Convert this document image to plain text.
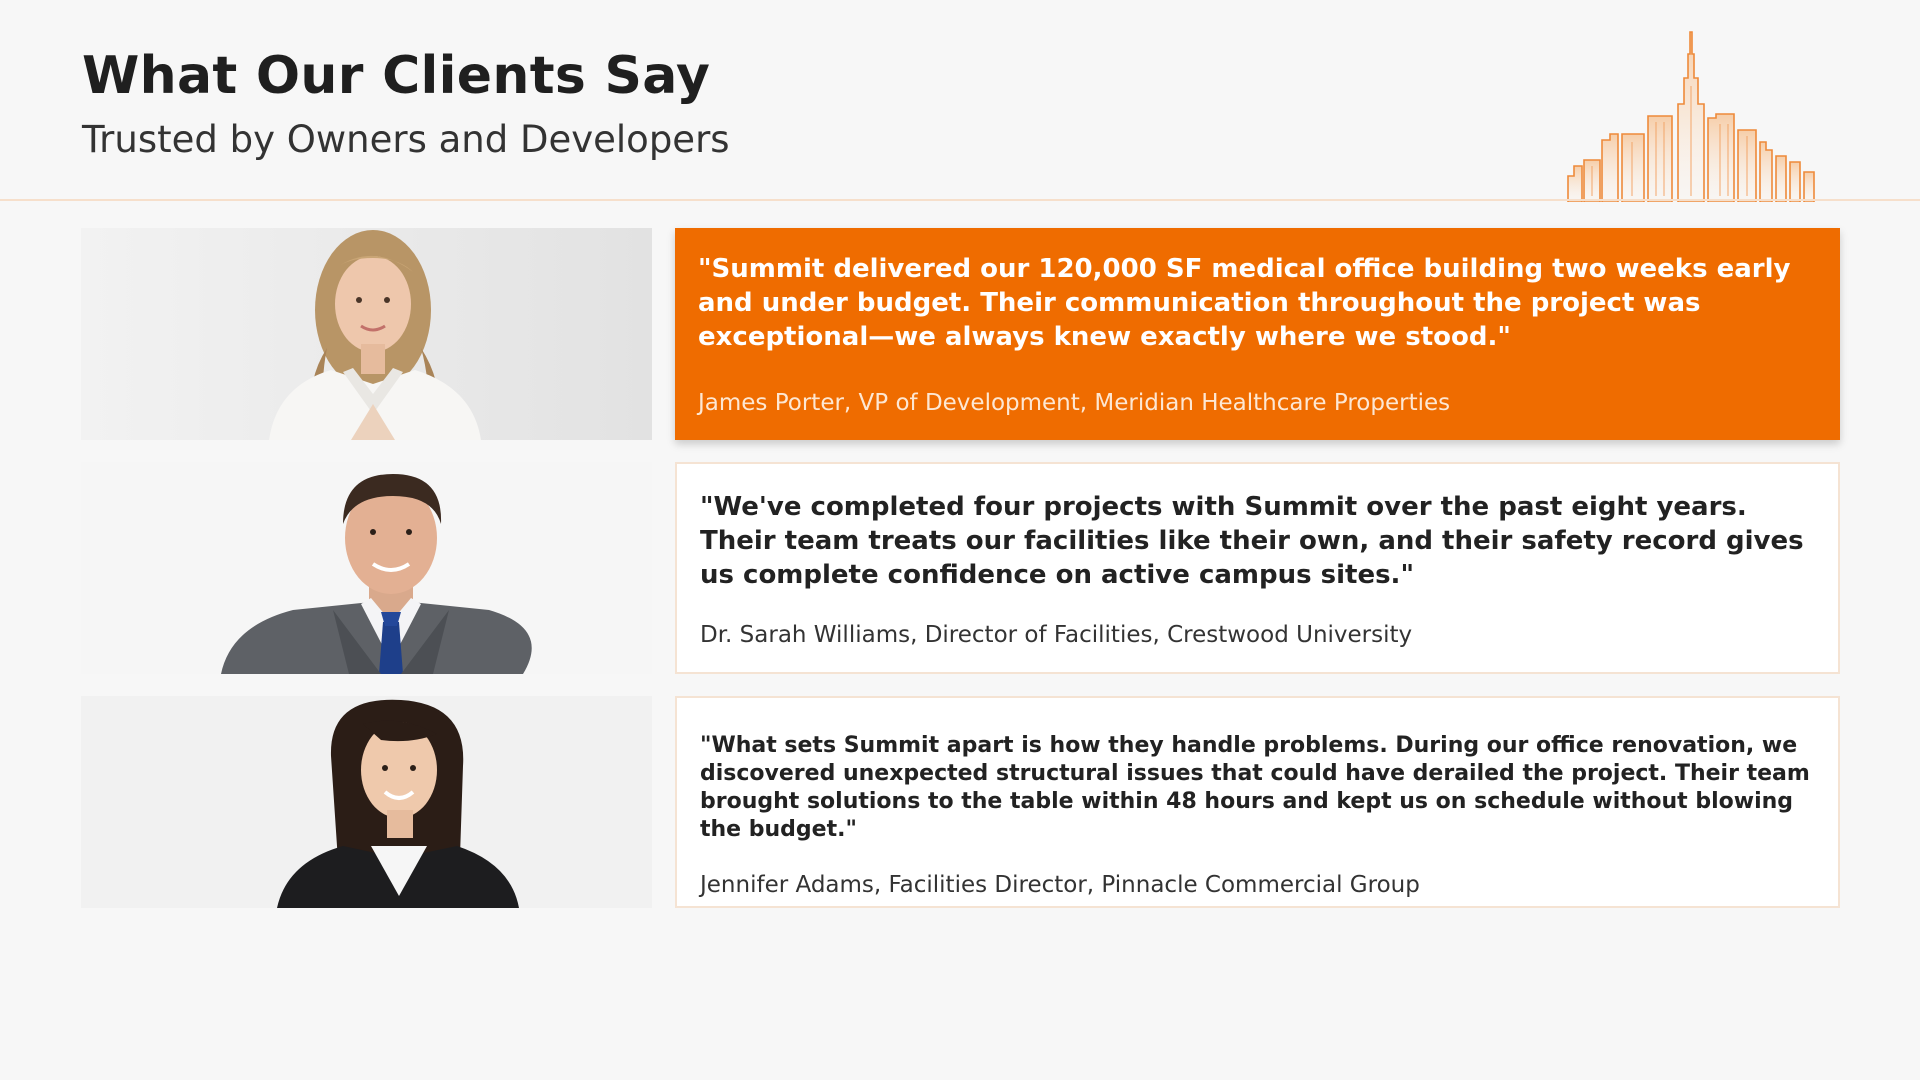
What Our Clients Say
Trusted by Owners and Developers

"Summit delivered our 120,000 SF medical office building two weeks early and under budget. Their communication throughout the project was exceptional—we always knew exactly where we stood."

James Porter, VP of Development, Meridian Healthcare Properties

"We've completed four projects with Summit over the past eight years. Their team treats our facilities like their own, and their safety record gives us complete confidence on active campus sites."

Dr. Sarah Williams, Director of Facilities, Crestwood University

"What sets Summit apart is how they handle problems. During our office renovation, we discovered unexpected structural issues that could have derailed the project. Their team brought solutions to the table within 48 hours and kept us on schedule without blowing the budget."

Jennifer Adams, Facilities Director, Pinnacle Commercial Group
